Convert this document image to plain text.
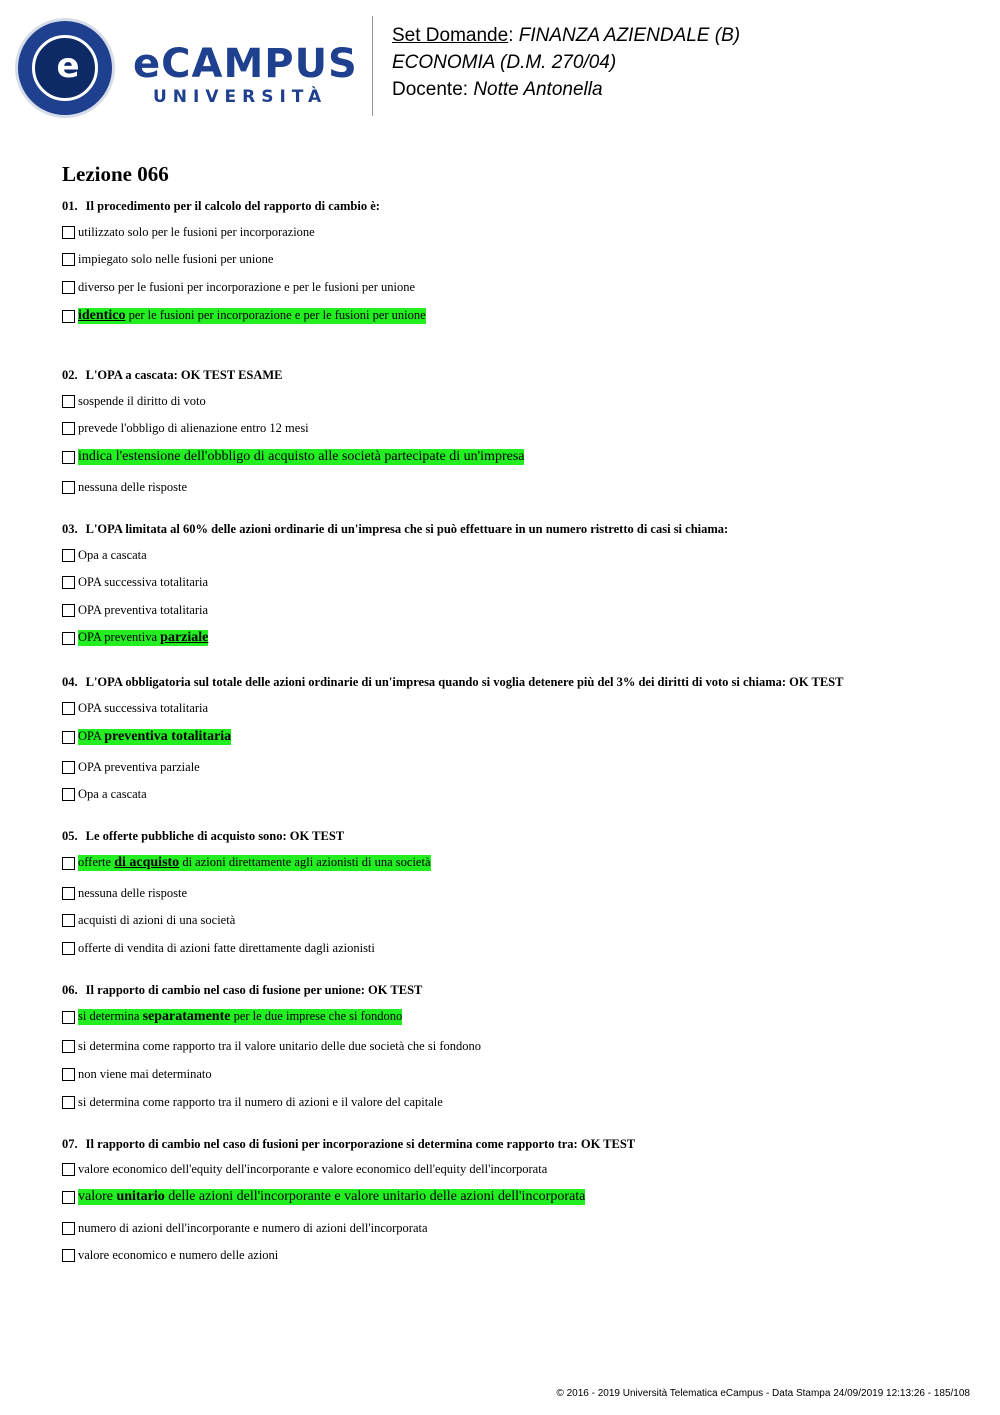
e eCAMPUS
UNIVERSITÀ
Set Domande: FINANZA AZIENDALE (B)
ECONOMIA (D.M. 270/04)
Docente: Notte Antonella
Lezione 066
01. Il procedimento per il calcolo del rapporto di cambio è:
utilizzato solo per le fusioni per incorporazione
impiegato solo nelle fusioni per unione
diverso per le fusioni per incorporazione e per le fusioni per unione
identico per le fusioni per incorporazione e per le fusioni per unione
02. L'OPA a cascata: OK TEST ESAME
sospende il diritto di voto
prevede l'obbligo di alienazione entro 12 mesi
indica l'estensione dell'obbligo di acquisto alle società partecipate di un'impresa
nessuna delle risposte
03. L'OPA limitata al 60% delle azioni ordinarie di un'impresa che si può effettuare in un numero ristretto di casi si chiama:
Opa a cascata
OPA successiva totalitaria
OPA preventiva totalitaria
OPA preventiva parziale
04. L'OPA obbligatoria sul totale delle azioni ordinarie di un'impresa quando si voglia detenere più del 3% dei diritti di voto si chiama: OK TEST
OPA successiva totalitaria
OPA preventiva totalitaria
OPA preventiva parziale
Opa a cascata
05. Le offerte pubbliche di acquisto sono: OK TEST
offerte di acquisto di azioni direttamente agli azionisti di una società
nessuna delle risposte
acquisti di azioni di una società
offerte di vendita di azioni fatte direttamente dagli azionisti
06. Il rapporto di cambio nel caso di fusione per unione: OK TEST
si determina separatamente per le due imprese che si fondono
si determina come rapporto tra il valore unitario delle due società che si fondono
non viene mai determinato
si determina come rapporto tra il numero di azioni e il valore del capitale
07. Il rapporto di cambio nel caso di fusioni per incorporazione si determina come rapporto tra: OK TEST
valore economico dell'equity dell'incorporante e valore economico dell'equity dell'incorporata
valore unitario delle azioni dell'incorporante e valore unitario delle azioni dell'incorporata
numero di azioni dell'incorporante e numero di azioni dell'incorporata
valore economico e numero delle azioni
© 2016 - 2019 Università Telematica eCampus - Data Stampa 24/09/2019 12:13:26 - 185/108
